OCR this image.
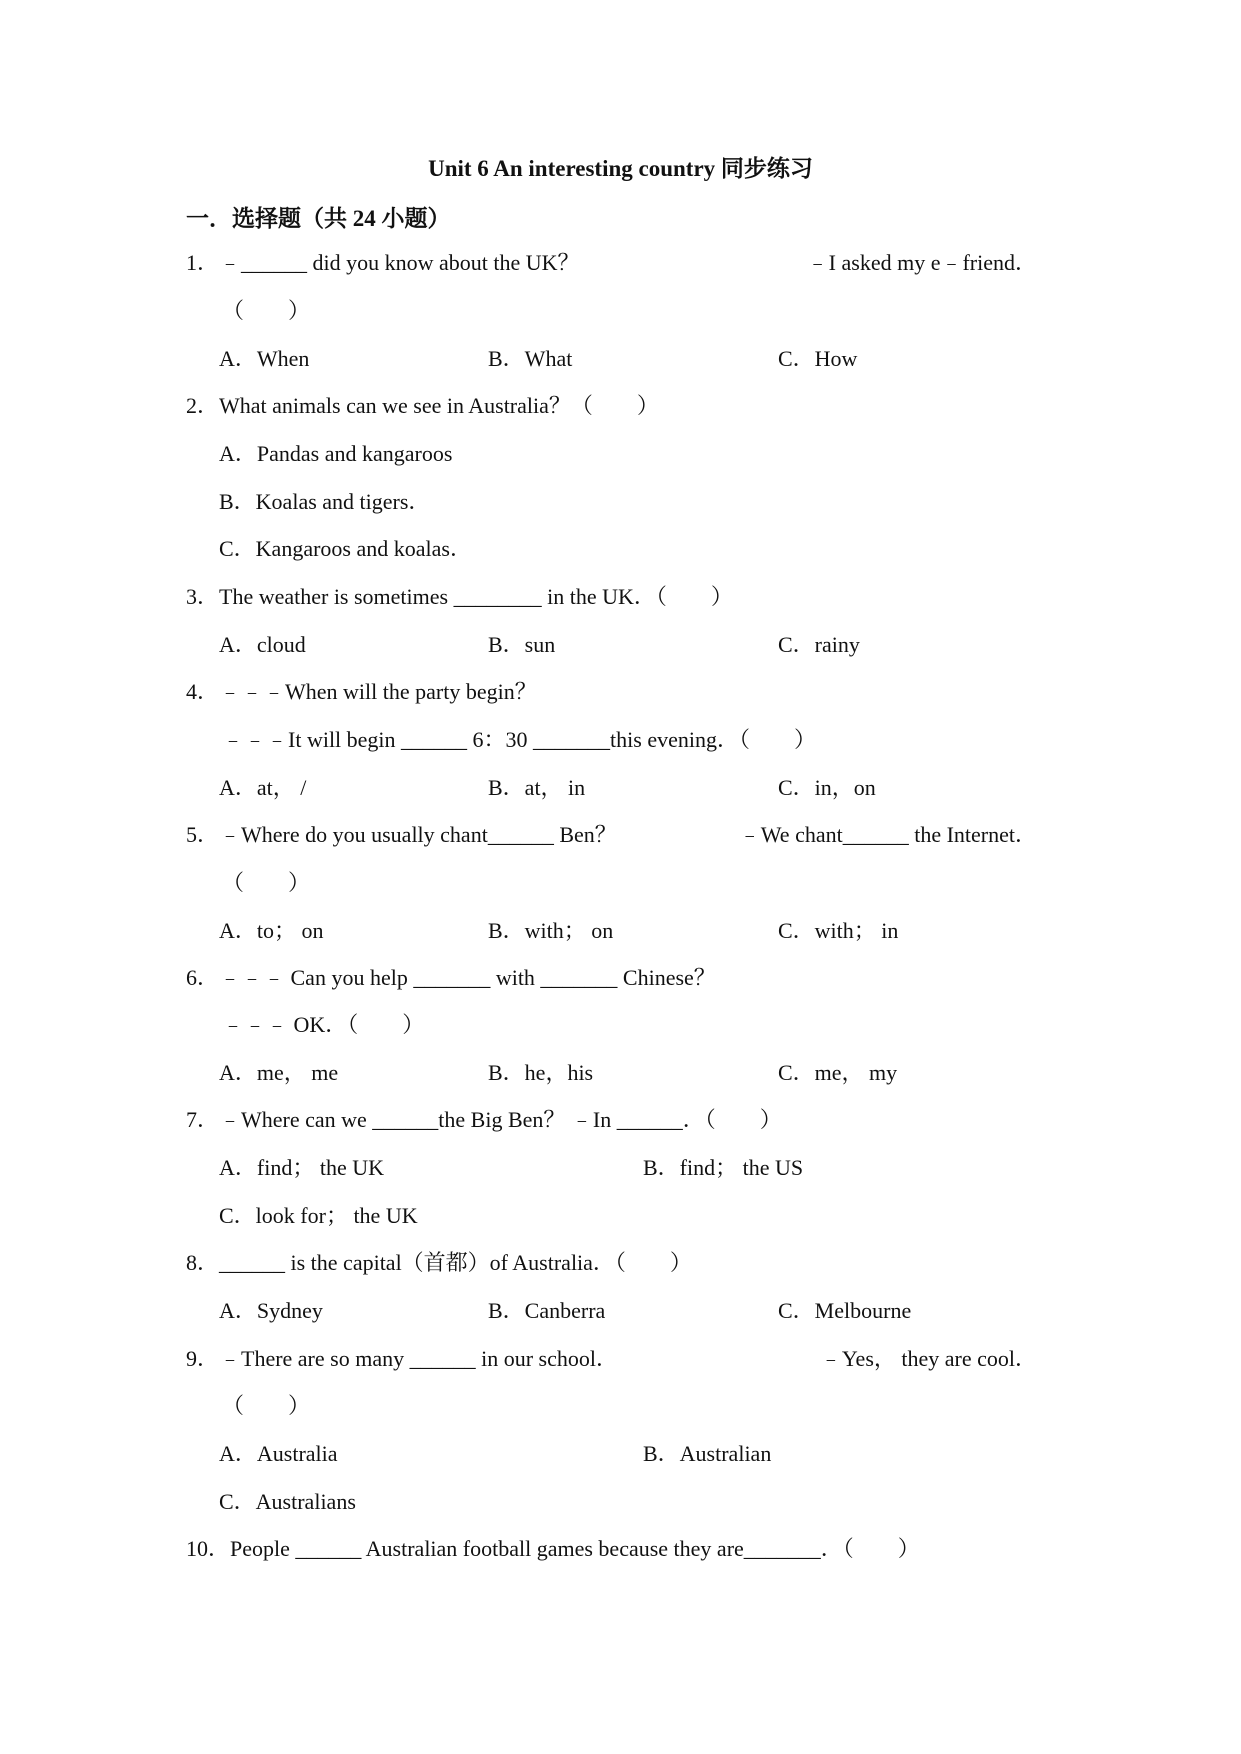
Unit 6 An interesting country 同步练习
一．选择题（共 24 小题）
1．﹣______ did you know about the UK？	﹣I asked my e﹣friend．
（　　）
A．When	B．What	C．How
2．What animals can we see in Australia？（　　）
A．Pandas and kangaroos
B．Koalas and tigers．
C．Kangaroos and koalas．
3．The weather is sometimes ________ in the UK．（　　）
A．cloud	B．sun	C．rainy
4．﹣﹣﹣When will the party begin？
﹣﹣﹣It will begin ______ 6：30 _______this evening．（　　）
A．at， /	B．at， in	C．in，on
5．﹣Where do you usually chant______ Ben？	﹣We chant______ the Internet．
（　　）
A．to； on	B．with； on	C．with； in
6．﹣﹣﹣ Can you help _______ with _______ Chinese？
﹣﹣﹣ OK．（　　）
A．me， me	B．he，his	C．me， my
7．﹣Where can we ______the Big Ben？ ﹣In ______．（　　）
A．find； the UK	B．find； the US
C．look for； the UK
8．______ is the capital（首都）of Australia．（　　）
A．Sydney	B．Canberra	C．Melbourne
9．﹣There are so many ______ in our school．	﹣Yes， they are cool．
（　　）
A．Australia	B．Australian
C．Australians
10．People ______ Australian football games because they are_______．（　　）
